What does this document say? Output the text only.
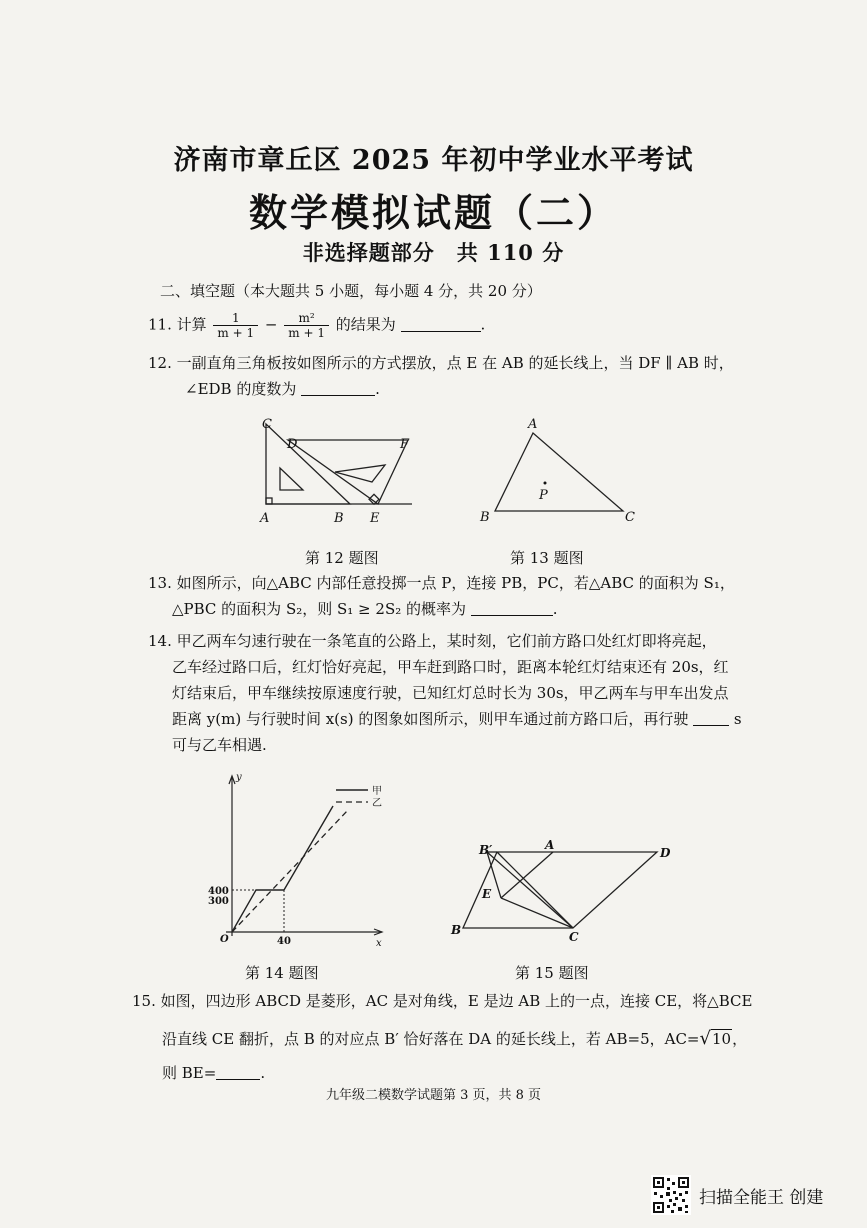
济南市章丘区 2025 年初中学业水平考试
数学模拟试题（二）
非选择题部分　共 110 分
二、填空题（本大题共 5 小题，每小题 4 分，共 20 分）
11. 计算 $\frac{1}{m + 1} - \frac{\text{m²}}{m + 1}$ 的结果为	.
12. 一副直角三角板按如图所示的方式摆放，点 E 在 AB 的延长线上，当 DF ∥ AB 时，
∠EDB 的度数为	.
C
D	F
A	B E
第 12 题图
A
B	C
P
第 13 题图
13. 如图所示，向△ABC 内部任意投掷一点 P，连接 PB，PC，若△ABC 的面积为 S₁，
△PBC 的面积为 S₂，则 S₁ ≥ 2S₂ 的概率为	.
14. 甲乙两车匀速行驶在一条笔直的公路上，某时刻，它们前方路口处红灯即将亮起，
乙车经过路口后，红灯恰好亮起，甲车赶到路口时，距离本轮红灯结束还有 20s，红
灯结束后，甲车继续按原速度行驶，已知红灯总时长为 30s，甲乙两车与甲车出发点
距离 y(m) 与行驶时间 x(s) 的图象如图所示，则甲车通过前方路口后，再行驶	s
可与乙车相遇.
y
x
O
400
300
40
甲
乙
第 14 题图
B′	A
D
E
B	C
第 15 题图
15. 如图，四边形 ABCD 是菱形，AC 是对角线，E 是边 AB 上的一点，连接 CE，将△BCE
沿直线 CE 翻折，点 B 的对应点 B′ 恰好落在 DA 的延长线上，若 AB=5，AC=√10，
则 BE=	.
九年级二模数学试题第 3 页，共 8 页
扫描全能王 创建
